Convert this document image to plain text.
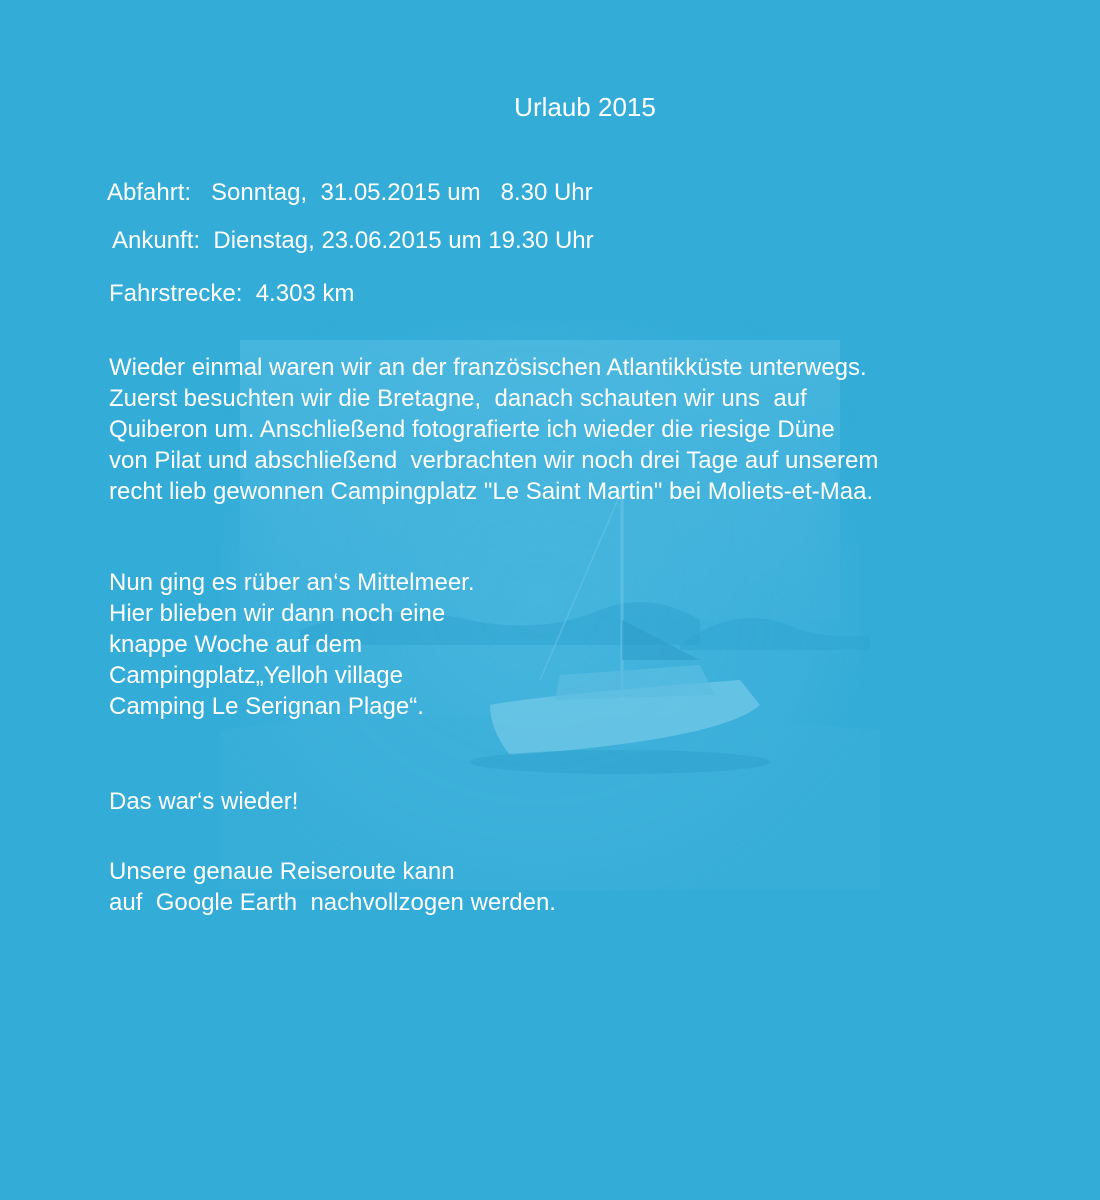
Urlaub 2015
Abfahrt:   Sonntag,  31.05.2015 um   8.30 Uhr
Ankunft:  Dienstag, 23.06.2015 um 19.30 Uhr
Fahrstrecke:  4.303 km
Wieder einmal waren wir an der französischen Atlantikküste unterwegs.
Zuerst besuchten wir die Bretagne,  danach schauten wir uns  auf
Quiberon um. Anschließend fotografierte ich wieder die riesige Düne
von Pilat und abschließend  verbrachten wir noch drei Tage auf unserem
recht lieb gewonnen Campingplatz "Le Saint Martin" bei Moliets-et-Maa.
Nun ging es rüber an‘s Mittelmeer.
Hier blieben wir dann noch eine
knappe Woche auf dem
Campingplatz„Yelloh village
Camping Le Serignan Plage“.
Das war‘s wieder!
Unsere genaue Reiseroute kann
auf  Google Earth  nachvollzogen werden.
